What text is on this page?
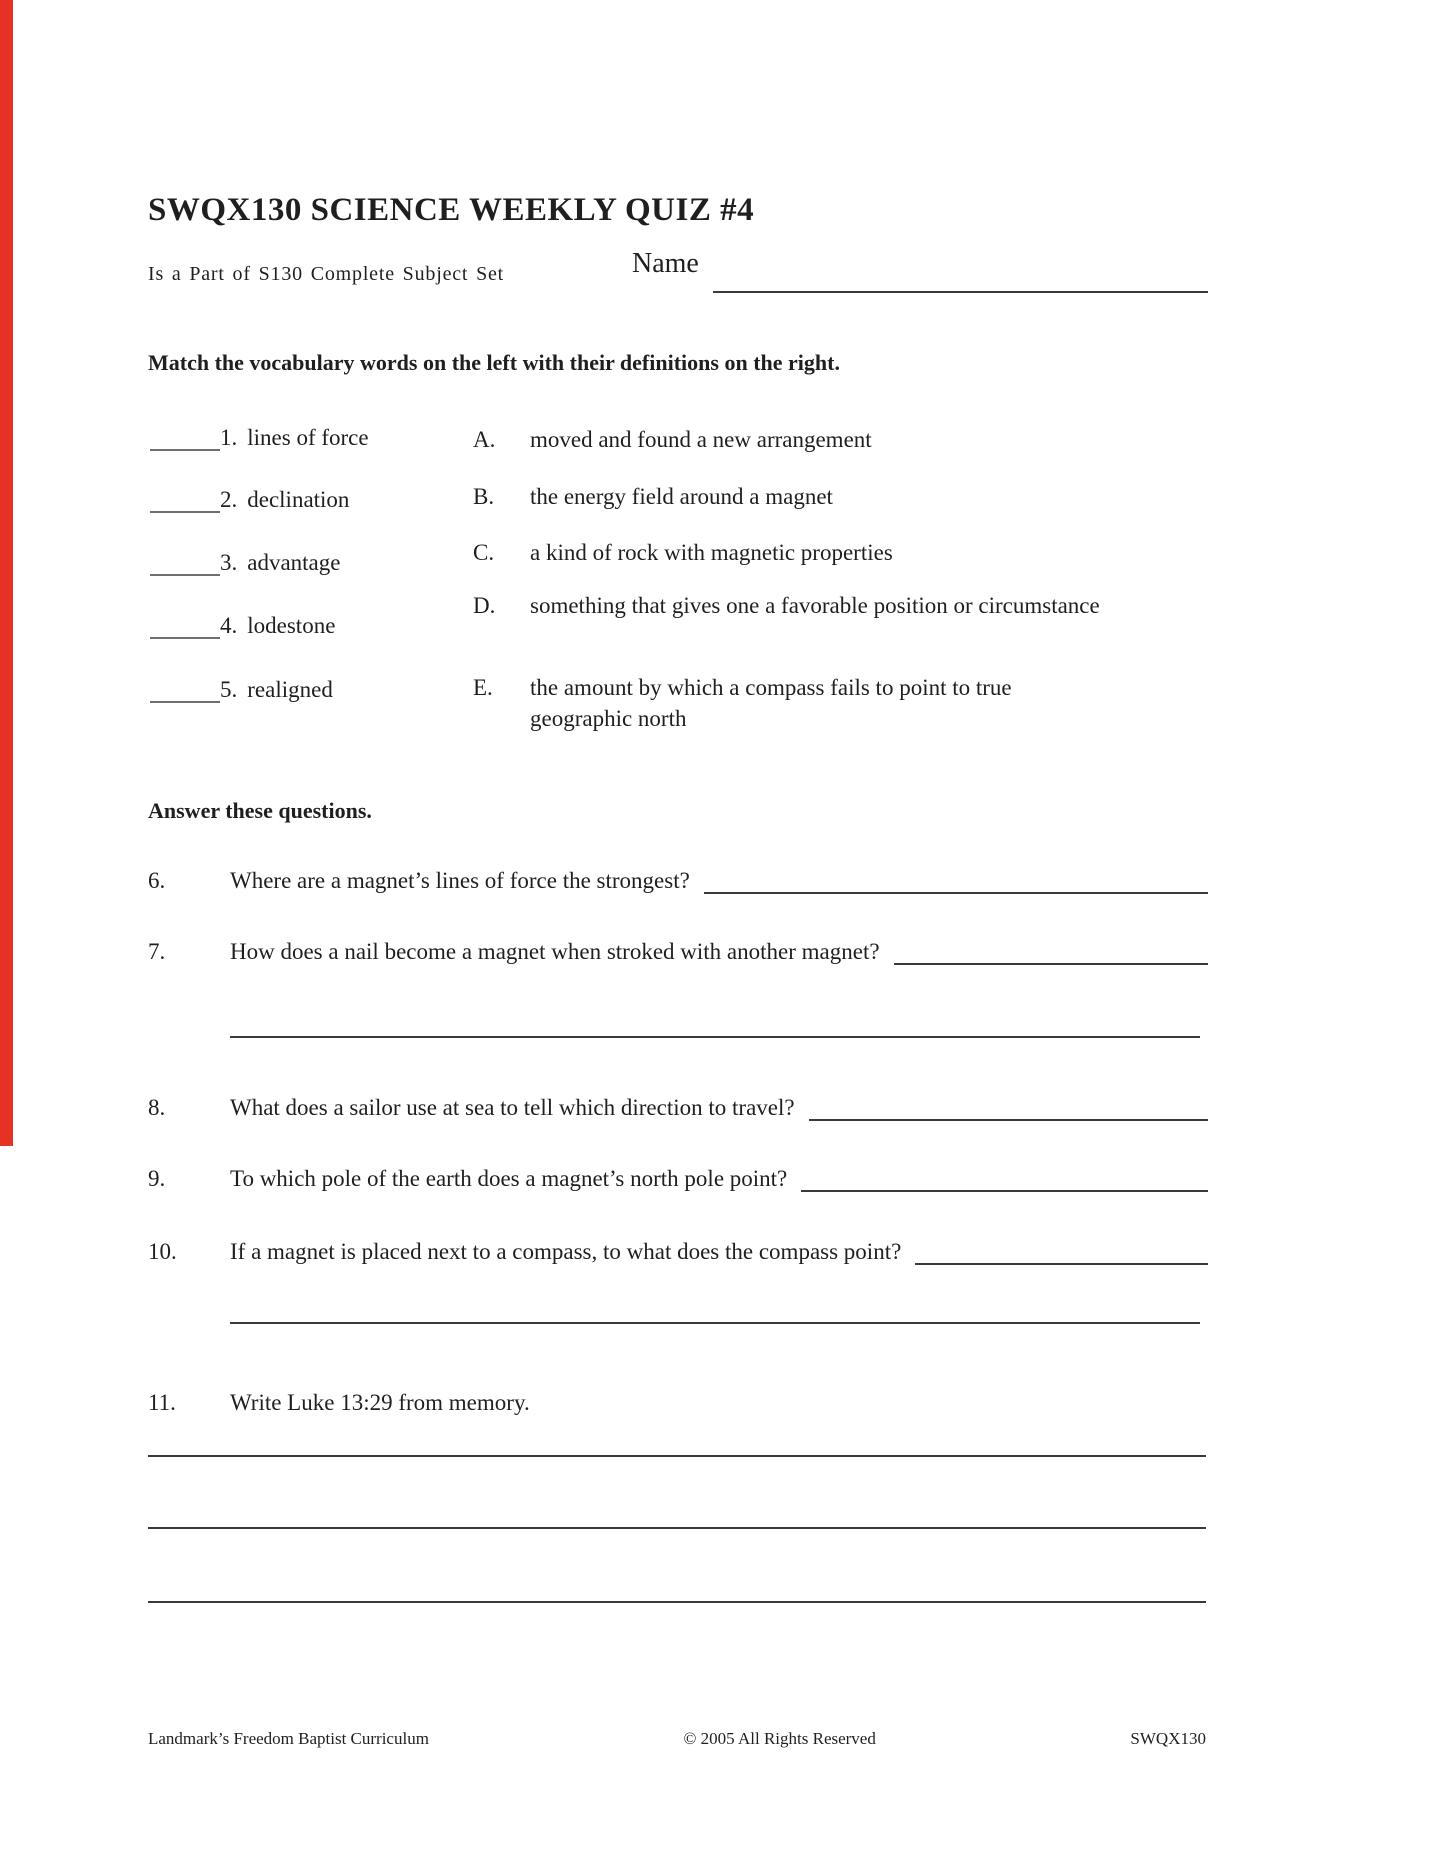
SWQX130 SCIENCE WEEKLY QUIZ #4
Is a Part of S130 Complete Subject Set	Name
Match the vocabulary words on the left with their definitions on the right.
1. lines of force
2. declination
3. advantage
4. lodestone
5. realigned
A.	moved and found a new arrangement
B.	the energy field around a magnet
C.	a kind of rock with magnetic properties
D.	something that gives one a favorable position or circumstance
E.	the amount by which a compass fails to point to true geographic north
Answer these questions.
6.	Where are a magnet’s lines of force the strongest?
7.	How does a nail become a magnet when stroked with another magnet?
8.	What does a sailor use at sea to tell which direction to travel?
9.	To which pole of the earth does a magnet’s north pole point?
10.	If a magnet is placed next to a compass, to what does the compass point?
11.	Write Luke 13:29 from memory.
Landmark’s Freedom Baptist Curriculum	© 2005 All Rights Reserved	SWQX130
